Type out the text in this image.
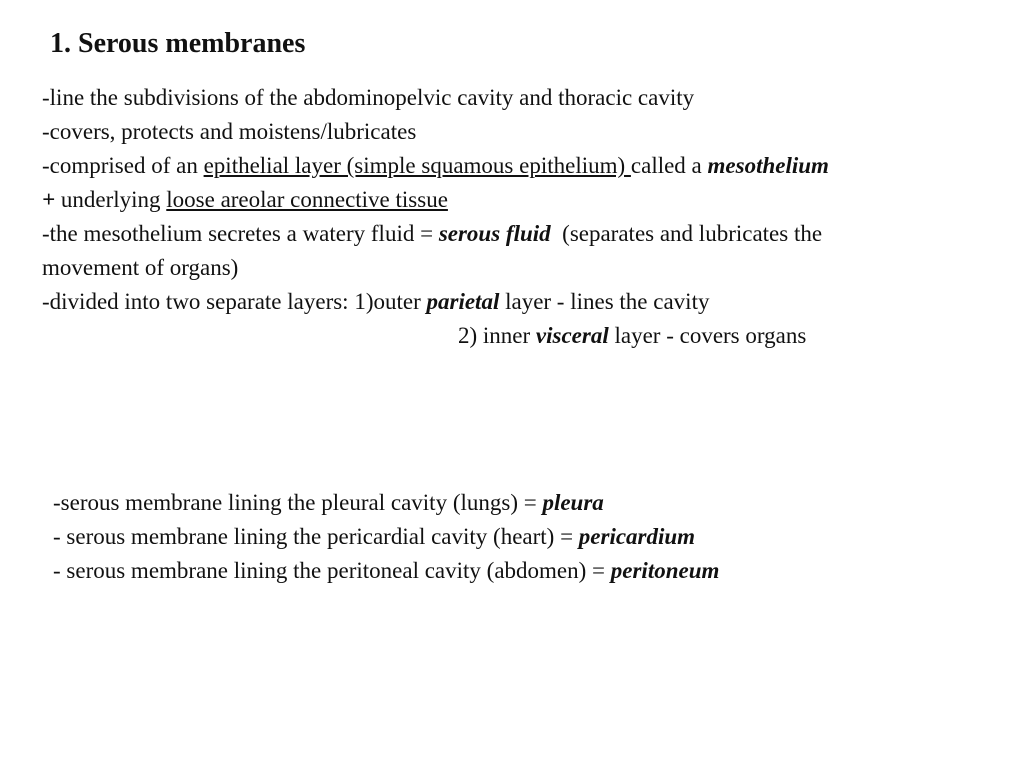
1. Serous membranes
-line the subdivisions of the abdominopelvic cavity and thoracic cavity
-covers, protects and moistens/lubricates
-comprised of an epithelial layer (simple squamous epithelium) called a mesothelium
+ underlying loose areolar connective tissue
-the mesothelium secretes a watery fluid = serous fluid  (separates and lubricates the
movement of organs)
-divided into two separate layers: 1)outer parietal layer - lines the cavity
2) inner visceral layer - covers organs
-serous membrane lining the pleural cavity (lungs) = pleura
- serous membrane lining the pericardial cavity (heart) = pericardium
- serous membrane lining the peritoneal cavity (abdomen) = peritoneum
